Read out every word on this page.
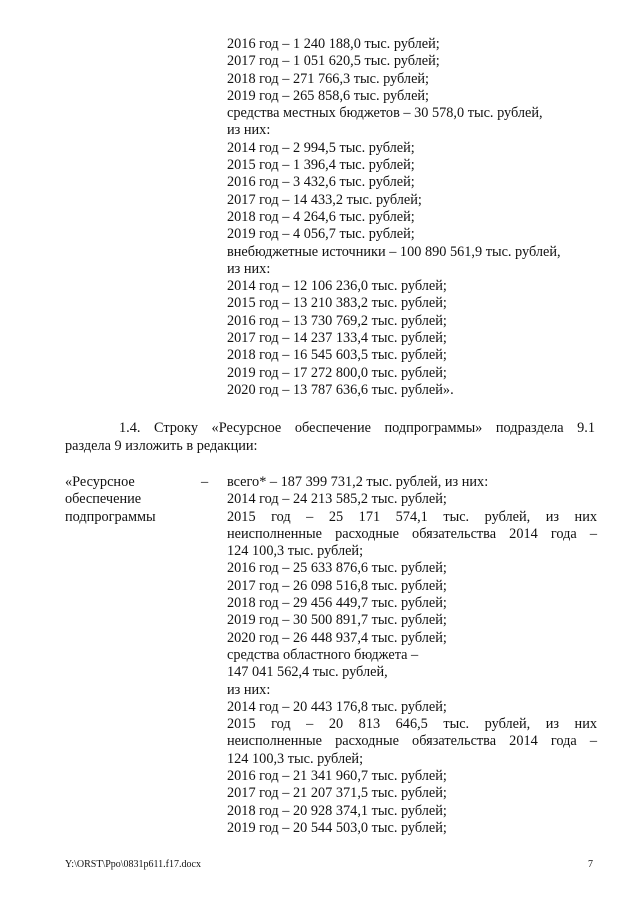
2016 год – 1 240 188,0 тыс. рублей;
2017 год – 1 051 620,5 тыс. рублей;
2018 год – 271 766,3 тыс. рублей;
2019 год – 265 858,6 тыс. рублей;
средства местных бюджетов – 30 578,0 тыс. рублей,
из них:
2014 год – 2 994,5 тыс. рублей;
2015 год – 1 396,4 тыс. рублей;
2016 год – 3 432,6 тыс. рублей;
2017 год – 14 433,2 тыс. рублей;
2018 год – 4 264,6 тыс. рублей;
2019 год – 4 056,7 тыс. рублей;
внебюджетные источники – 100 890 561,9 тыс. рублей,
из них:
2014 год – 12 106 236,0 тыс. рублей;
2015 год – 13 210 383,2 тыс. рублей;
2016 год – 13 730 769,2 тыс. рублей;
2017 год – 14 237 133,4 тыс. рублей;
2018 год – 16 545 603,5 тыс. рублей;
2019 год – 17 272 800,0 тыс. рублей;
2020 год – 13 787 636,6 тыс. рублей».
1.4. Строку «Ресурсное обеспечение подпрограммы» подраздела 9.1
раздела 9 изложить в редакции:
«Ресурсное
обеспечение
подпрограммы
– всего* – 187 399 731,2 тыс. рублей, из них:
2014 год – 24 213 585,2 тыс. рублей;
2015 год – 25 171 574,1 тыс. рублей, из них
неисполненные расходные обязательства 2014 года –
124 100,3 тыс. рублей;
2016 год – 25 633 876,6 тыс. рублей;
2017 год – 26 098 516,8 тыс. рублей;
2018 год – 29 456 449,7 тыс. рублей;
2019 год – 30 500 891,7 тыс. рублей;
2020 год – 26 448 937,4 тыс. рублей;
средства областного бюджета –
147 041 562,4 тыс. рублей,
из них:
2014 год – 20 443 176,8 тыс. рублей;
2015 год – 20 813 646,5 тыс. рублей, из них
неисполненные расходные обязательства 2014 года –
124 100,3 тыс. рублей;
2016 год – 21 341 960,7 тыс. рублей;
2017 год – 21 207 371,5 тыс. рублей;
2018 год – 20 928 374,1 тыс. рублей;
2019 год – 20 544 503,0 тыс. рублей;
Y:\ORST\Ppo\0831p611.f17.docx	7
